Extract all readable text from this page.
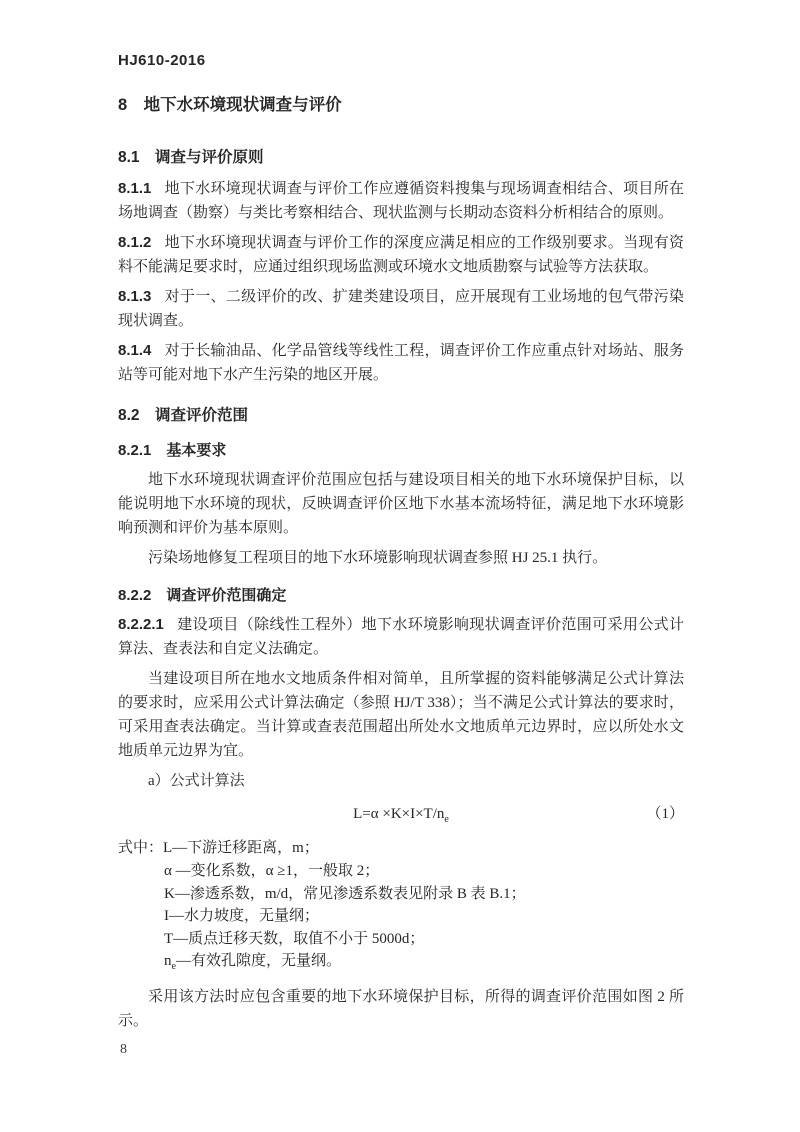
HJ610-2016
8　地下水环境现状调查与评价
8.1　调查与评价原则

8.1.1 地下水环境现状调查与评价工作应遵循资料搜集与现场调查相结合、项目所在场地调查（勘察）与类比考察相结合、现状监测与长期动态资料分析相结合的原则。

8.1.2 地下水环境现状调查与评价工作的深度应满足相应的工作级别要求。当现有资料不能满足要求时，应通过组织现场监测或环境水文地质勘察与试验等方法获取。

8.1.3 对于一、二级评价的改、扩建类建设项目，应开展现有工业场地的包气带污染现状调查。

8.1.4 对于长输油品、化学品管线等线性工程，调查评价工作应重点针对场站、服务站等可能对地下水产生污染的地区开展。

8.2　调查评价范围
8.2.1　基本要求

地下水环境现状调查评价范围应包括与建设项目相关的地下水环境保护目标，以能说明地下水环境的现状，反映调查评价区地下水基本流场特征，满足地下水环境影响预测和评价为基本原则。

污染场地修复工程项目的地下水环境影响现状调查参照 HJ 25.1 执行。

8.2.2　调查评价范围确定

8.2.2.1 建设项目（除线性工程外）地下水环境影响现状调查评价范围可采用公式计算法、查表法和自定义法确定。

当建设项目所在地水文地质条件相对简单，且所掌握的资料能够满足公式计算法的要求时，应采用公式计算法确定（参照 HJ/T 338）；当不满足公式计算法的要求时，可采用查表法确定。当计算或查表范围超出所处水文地质单元边界时，应以所处水文地质单元边界为宜。

a）公式计算法

$L=\alpha \times K\times I\times T/n_e$	（1）

式中：L—下游迁移距离，m；

α —变化系数，α ≥1，一般取 2；

K—渗透系数，m/d，常见渗透系数表见附录 B 表 B.1；

I—水力坡度，无量纲；

T—质点迁移天数，取值不小于 5000d；

$n_e—$有效孔隙度，无量纲。

采用该方法时应包含重要的地下水环境保护目标，所得的调查评价范围如图 2 所示。

8
